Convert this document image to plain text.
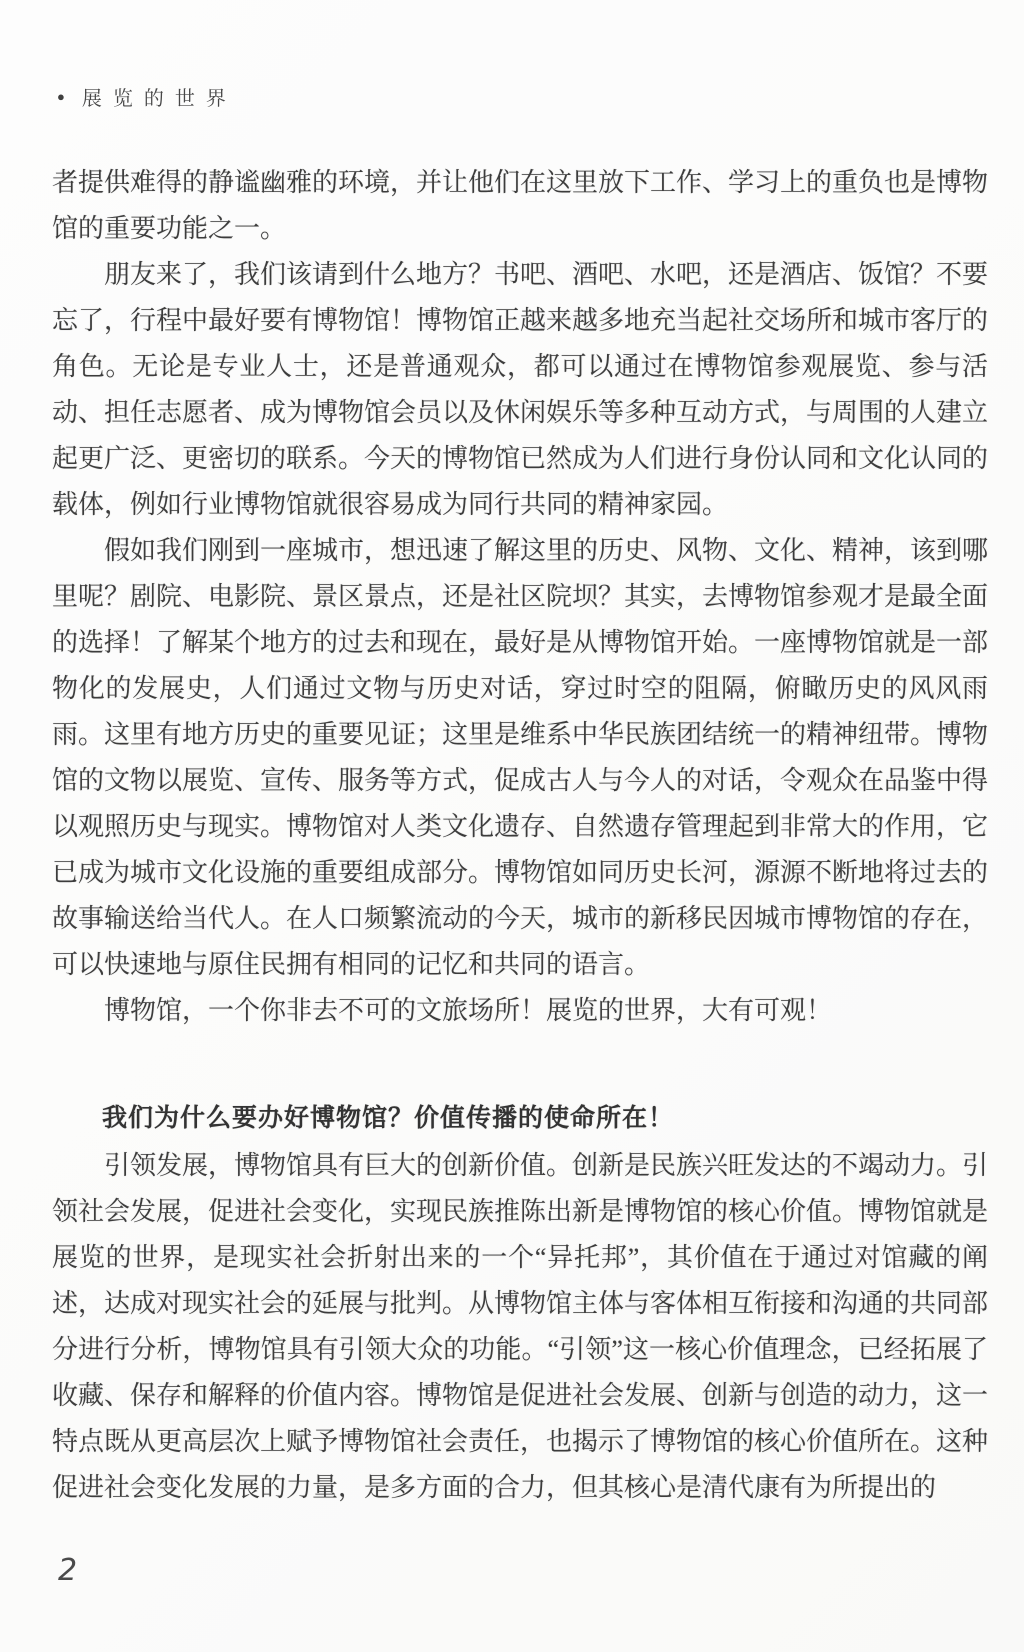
● 展览的世界

者提供难得的静谧幽雅的环境，并让他们在这里放下工作、学习上的重负也是博物馆的重要功能之一。

朋友来了，我们该请到什么地方？书吧、酒吧、水吧，还是酒店、饭馆？不要忘了，行程中最好要有博物馆！博物馆正越来越多地充当起社交场所和城市客厅的角色。无论是专业人士，还是普通观众，都可以通过在博物馆参观展览、参与活动、担任志愿者、成为博物馆会员以及休闲娱乐等多种互动方式，与周围的人建立起更广泛、更密切的联系。今天的博物馆已然成为人们进行身份认同和文化认同的载体，例如行业博物馆就很容易成为同行共同的精神家园。

假如我们刚到一座城市，想迅速了解这里的历史、风物、文化、精神，该到哪里呢？剧院、电影院、景区景点，还是社区院坝？其实，去博物馆参观才是最全面的选择！了解某个地方的过去和现在，最好是从博物馆开始。一座博物馆就是一部物化的发展史，人们通过文物与历史对话，穿过时空的阻隔，俯瞰历史的风风雨雨。这里有地方历史的重要见证；这里是维系中华民族团结统一的精神纽带。博物馆的文物以展览、宣传、服务等方式，促成古人与今人的对话，令观众在品鉴中得以观照历史与现实。博物馆对人类文化遗存、自然遗存管理起到非常大的作用，它已成为城市文化设施的重要组成部分。博物馆如同历史长河，源源不断地将过去的故事输送给当代人。在人口频繁流动的今天，城市的新移民因城市博物馆的存在，可以快速地与原住民拥有相同的记忆和共同的语言。

博物馆，一个你非去不可的文旅场所！展览的世界，大有可观！

我们为什么要办好博物馆？价值传播的使命所在！

引领发展，博物馆具有巨大的创新价值。创新是民族兴旺发达的不竭动力。引领社会发展，促进社会变化，实现民族推陈出新是博物馆的核心价值。博物馆就是展览的世界，是现实社会折射出来的一个“异托邦”，其价值在于通过对馆藏的阐述，达成对现实社会的延展与批判。从博物馆主体与客体相互衔接和沟通的共同部分进行分析，博物馆具有引领大众的功能。“引领”这一核心价值理念，已经拓展了收藏、保存和解释的价值内容。博物馆是促进社会发展、创新与创造的动力，这一特点既从更高层次上赋予博物馆社会责任，也揭示了博物馆的核心价值所在。这种促进社会变化发展的力量，是多方面的合力，但其核心是清代康有为所提出的

2
